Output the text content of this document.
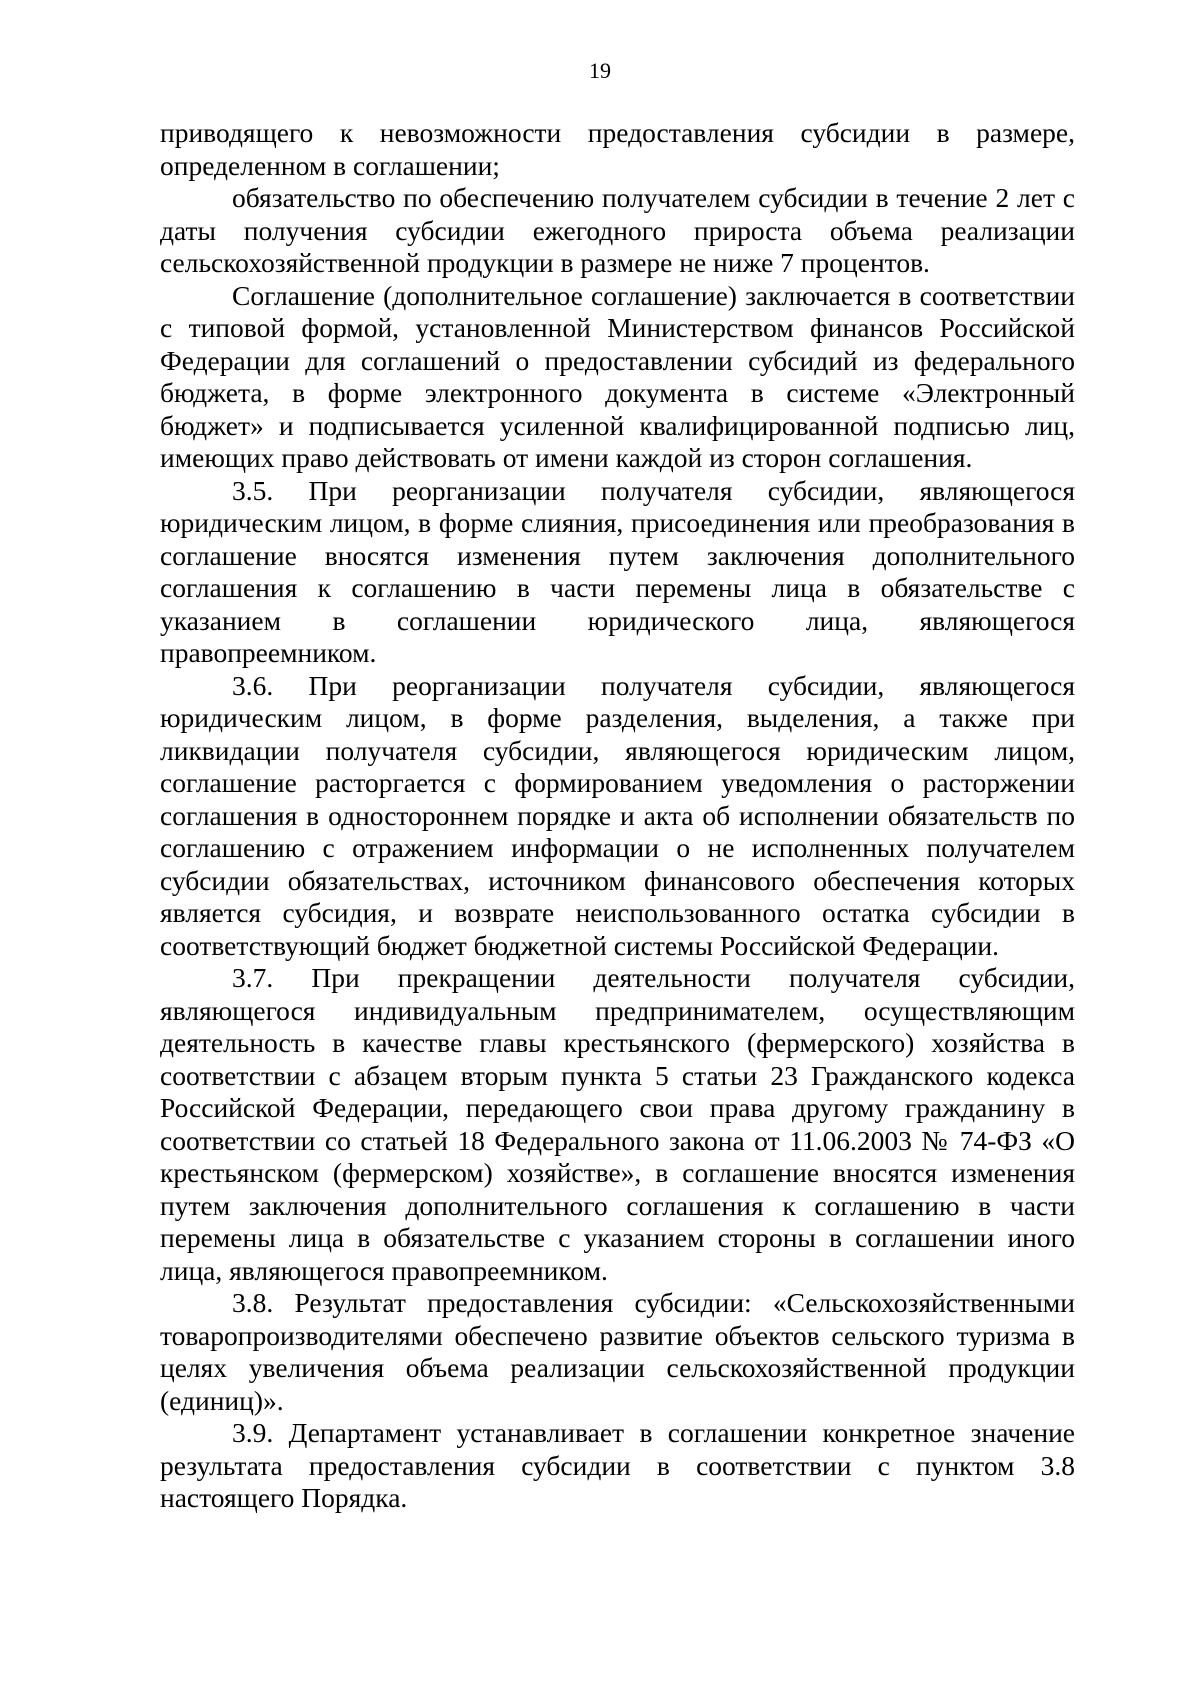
19

приводящего к невозможности предоставления субсидии в размере, определенном в соглашении;

обязательство по обеспечению получателем субсидии в течение 2 лет с даты получения субсидии ежегодного прироста объема реализации сельскохозяйственной продукции в размере не ниже 7 процентов.

Соглашение (дополнительное соглашение) заключается в соответствии с типовой формой, установленной Министерством финансов Российской Федерации для соглашений о предоставлении субсидий из федерального бюджета, в форме электронного документа в системе «Электронный бюджет» и подписывается усиленной квалифицированной подписью лиц, имеющих право действовать от имени каждой из сторон соглашения.

3.5. При реорганизации получателя субсидии, являющегося юридическим лицом, в форме слияния, присоединения или преобразования в соглашение вносятся изменения путем заключения дополнительного соглашения к соглашению в части перемены лица в обязательстве с указанием в соглашении юридического лица, являющегося правопреемником.

3.6. При реорганизации получателя субсидии, являющегося юридическим лицом, в форме разделения, выделения, а также при ликвидации получателя субсидии, являющегося юридическим лицом, соглашение расторгается с формированием уведомления о расторжении соглашения в одностороннем порядке и акта об исполнении обязательств по соглашению с отражением информации о не исполненных получателем субсидии обязательствах, источником финансового обеспечения которых является субсидия, и возврате неиспользованного остатка субсидии в соответствующий бюджет бюджетной системы Российской Федерации.

3.7. При прекращении деятельности получателя субсидии, являющегося индивидуальным предпринимателем, осуществляющим деятельность в качестве главы крестьянского (фермерского) хозяйства в соответствии с абзацем вторым пункта 5 статьи 23 Гражданского кодекса Российской Федерации, передающего свои права другому гражданину в соответствии со статьей 18 Федерального закона от 11.06.2003 № 74-ФЗ «О крестьянском (фермерском) хозяйстве», в соглашение вносятся изменения путем заключения дополнительного соглашения к соглашению в части перемены лица в обязательстве с указанием стороны в соглашении иного лица, являющегося правопреемником.

3.8. Результат предоставления субсидии: «Сельскохозяйственными товаропроизводителями обеспечено развитие объектов сельского туризма в целях увеличения объема реализации сельскохозяйственной продукции (единиц)».

3.9. Департамент устанавливает в соглашении конкретное значение результата предоставления субсидии в соответствии с пунктом 3.8 настоящего Порядка.
